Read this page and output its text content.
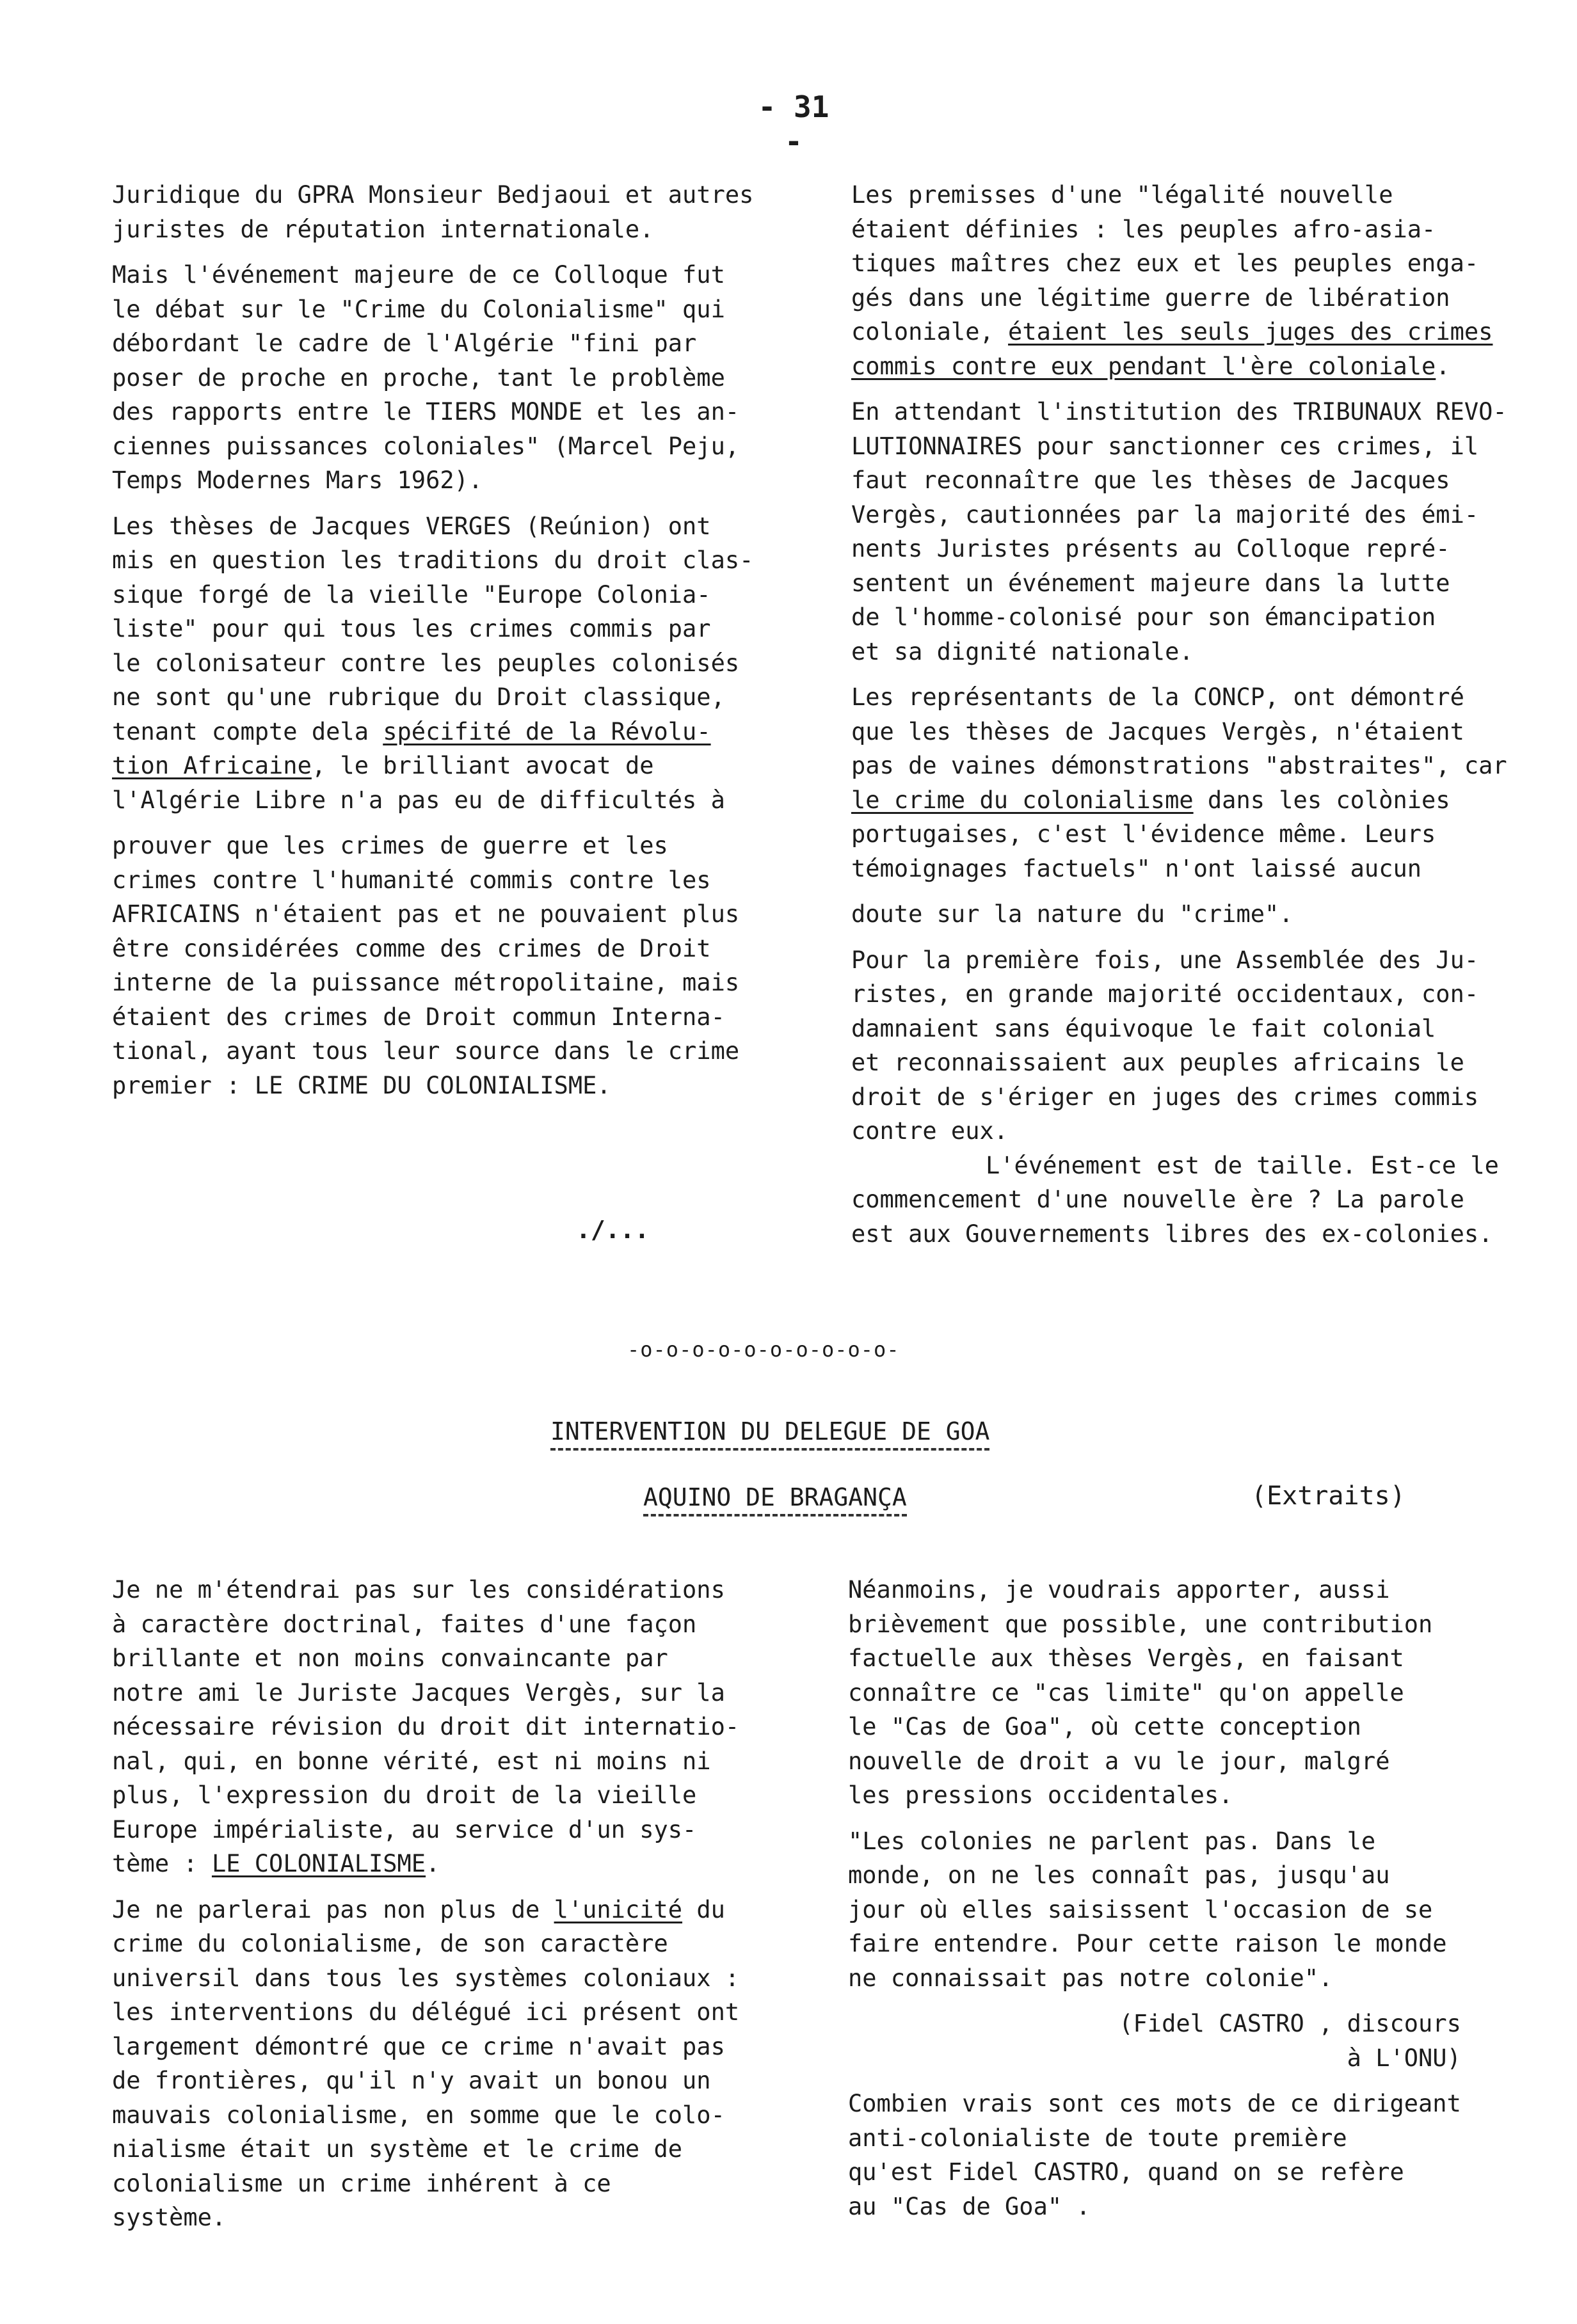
- 31 -

Juridique du GPRA Monsieur Bedjaoui et autres
juristes de réputation internationale.

Mais l'événement majeure de ce Colloque fut
le débat sur le "Crime du Colonialisme" qui
débordant le cadre de l'Algérie "fini par
poser de proche en proche, tant le problème
des rapports entre le TIERS MONDE et les an-
ciennes puissances coloniales" (Marcel Peju,
Temps Modernes Mars 1962).

Les thèses de Jacques VERGES (Reúnion) ont
mis en question les traditions du droit clas-
sique forgé de la vieille "Europe Colonia-
liste" pour qui tous les crimes commis par
le colonisateur contre les peuples colonisés
ne sont qu'une rubrique du Droit classique,
tenant compte dela spécifité de la Révolu-
tion Africaine, le brilliant avocat de
l'Algérie Libre n'a pas eu de difficultés à

prouver que les crimes de guerre et les
crimes contre l'humanité commis contre les
AFRICAINS n'étaient pas et ne pouvaient plus
être considérées comme des crimes de Droit
interne de la puissance métropolitaine, mais
étaient des crimes de Droit commun Interna-
tional, ayant tous leur source dans le crime
premier : LE CRIME DU COLONIALISME.

Les premisses d'une "légalité nouvelle
étaient définies : les peuples afro-asia-
tiques maîtres chez eux et les peuples enga-
gés dans une légitime guerre de libération
coloniale, étaient les seuls juges des crimes
commis contre eux pendant l'ère coloniale.

En attendant l'institution des TRIBUNAUX REVO-
LUTIONNAIRES pour sanctionner ces crimes, il
faut reconnaître que les thèses de Jacques
Vergès, cautionnées par la majorité des émi-
nents Juristes présents au Colloque repré-
sentent un événement majeure dans la lutte
de l'homme-colonisé pour son émancipation
et sa dignité nationale.

Les représentants de la CONCP, ont démontré
que les thèses de Jacques Vergès, n'étaient
pas de vaines démonstrations "abstraites", car
le crime du colonialisme dans les colònies
portugaises, c'est l'évidence même. Leurs
témoignages factuels" n'ont laissé aucun
doute sur la nature du "crime".

Pour la première fois, une Assemblée des Ju-
ristes, en grande majorité occidentaux, con-
damnaient sans équivoque le fait colonial
et reconnaissaient aux peuples africains le
droit de s'ériger en juges des crimes commis
contre eux.
L'événement est de taille. Est-ce le
commencement d'une nouvelle ère ? La parole
est aux Gouvernements libres des ex-colonies.

./...
-o-o-o-o-o-o-o-o-o-o-
INTERVENTION DU DELEGUE DE GOA
AQUINO DE BRAGANÇA	(Extraits)

Je ne m'étendrai pas sur les considérations
à caractère doctrinal, faites d'une façon
brillante et non moins convaincante par
notre ami le Juriste Jacques Vergès, sur la
nécessaire révision du droit dit internatio-
nal, qui, en bonne vérité, est ni moins ni
plus, l'expression du droit de la vieille
Europe impérialiste, au service d'un sys-
tème : LE COLONIALISME.

Je ne parlerai pas non plus de l'unicité du
crime du colonialisme, de son caractère
universil dans tous les systèmes coloniaux :
les interventions du délégué ici présent ont
largement démontré que ce crime n'avait pas
de frontières, qu'il n'y avait un bonou un
mauvais colonialisme, en somme que le colo-
nialisme était un système et le crime de
colonialisme un crime inhérent à ce
système.

Néanmoins, je voudrais apporter, aussi
brièvement que possible, une contribution
factuelle aux thèses Vergès, en faisant
connaître ce "cas limite" qu'on appelle
le "Cas de Goa", où cette conception
nouvelle de droit a vu le jour, malgré
les pressions occidentales.

"Les colonies ne parlent pas. Dans le
monde, on ne les connaît pas, jusqu'au
jour où elles saisissent l'occasion de se
faire entendre. Pour cette raison le monde
ne connaissait pas notre colonie".

(Fidel CASTRO , discours
à L'ONU)

Combien vrais sont ces mots de ce dirigeant
anti-colonialiste de toute première
qu'est Fidel CASTRO, quand on se refère
au "Cas de Goa" .
